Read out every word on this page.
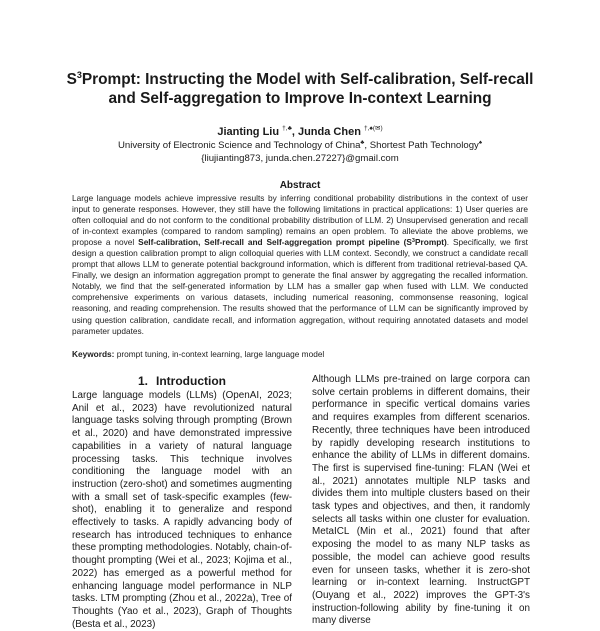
$S^3Prompt$: Instructing the Model with Self-calibration, Self-recall
and Self-aggregation to Improve In-context Learning
Jianting Liu †,♣, Junda Chen †,♠(✉)
University of Electronic Science and Technology of China♣, Shortest Path Technology♠
{liujianting873, junda.chen.27227}@gmail.com
Abstract
Large language models achieve impressive results by inferring conditional probability distributions in the context of user input to generate responses. However, they still have the following limitations in practical applications: 1) User queries are often colloquial and do not conform to the conditional probability distribution of LLM. 2) Unsupervised generation and recall of in-context examples (compared to random sampling) remains an open problem. To alleviate the above problems, we propose a novel Self-calibration, Self-recall and Self-aggregation prompt pipeline $(S^3Prompt)$. Specifically, we first design a question calibration prompt to align colloquial queries with LLM context. Secondly, we construct a candidate recall prompt that allows LLM to generate potential background information, which is different from traditional retrieval-based QA. Finally, we design an information aggregation prompt to generate the final answer by aggregating the recalled information. Notably, we find that the self-generated information by LLM has a smaller gap when fused with LLM. We conducted comprehensive experiments on various datasets, including numerical reasoning, commonsense reasoning, logical reasoning, and reading comprehension. The results showed that the performance of LLM can be significantly improved by using question calibration, candidate recall, and information aggregation, without requiring annotated datasets and model parameter updates.
Keywords: prompt tuning, in-context learning, large language model
1. Introduction
Large language models (LLMs) (OpenAI, 2023; Anil et al., 2023) have revolutionized natural language tasks solving through prompting (Brown et al., 2020) and have demonstrated impressive capabilities in a variety of natural language processing tasks. This technique involves conditioning the language model with an instruction (zero-shot) and sometimes augmenting with a small set of task-specific examples (few-shot), enabling it to generalize and respond effectively to tasks. A rapidly advancing body of research has introduced techniques to enhance these prompting methodologies. Notably, chain-of-thought prompting (Wei et al., 2023; Kojima et al., 2022) has emerged as a powerful method for enhancing language model performance in NLP tasks. LTM prompting (Zhou et al., 2022a), Tree of Thoughts (Yao et al., 2023), Graph of Thoughts (Besta et al., 2023)
Although LLMs pre-trained on large corpora can solve certain problems in different domains, their performance in specific vertical domains varies and requires examples from different scenarios. Recently, three techniques have been introduced by rapidly developing research institutions to enhance the ability of LLMs in different domains. The first is supervised fine-tuning: FLAN (Wei et al., 2021) annotates multiple NLP tasks and divides them into multiple clusters based on their task types and objectives, and then, it randomly selects all tasks within one cluster for evaluation. MetaICL (Min et al., 2021) found that after exposing the model to as many NLP tasks as possible, the model can achieve good results even for unseen tasks, whether it is zero-shot learning or in-context learning. InstructGPT (Ouyang et al., 2022) improves the GPT-3's instruction-following ability by fine-tuning it on many diverse
